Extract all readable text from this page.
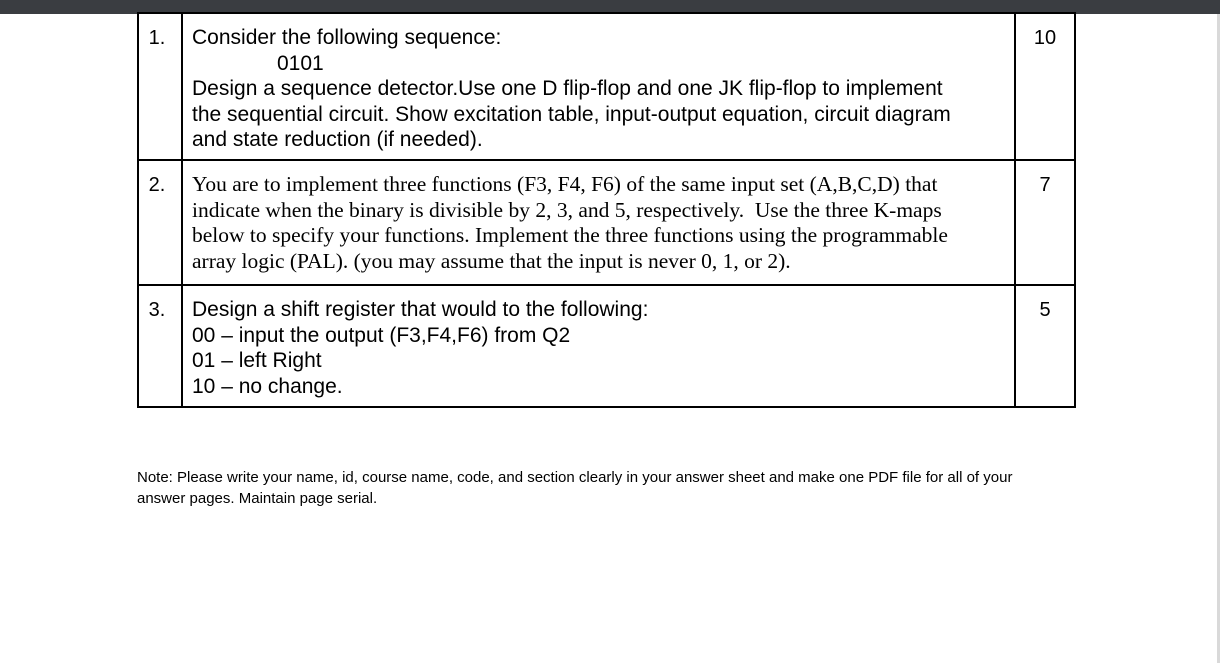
1.	Consider the following sequence:
0101
Design a sequence detector.Use one D flip-flop and one JK flip-flop to implement
the sequential circuit. Show excitation table, input-output equation, circuit diagram
and state reduction (if needed).	10

2.	You are to implement three functions (F3, F4, F6) of the same input set (A,B,C,D) that
indicate when the binary is divisible by 2, 3, and 5, respectively.  Use the three K-maps
below to specify your functions. Implement the three functions using the programmable
array logic (PAL). (you may assume that the input is never 0, 1, or 2).	7

3.	Design a shift register that would to the following:
00 – input the output (F3,F4,F6) from Q2
01 – left Right
10 – no change.	5
Note: Please write your name, id, course name, code, and section clearly in your answer sheet and make one PDF file for all of your
answer pages. Maintain page serial.
